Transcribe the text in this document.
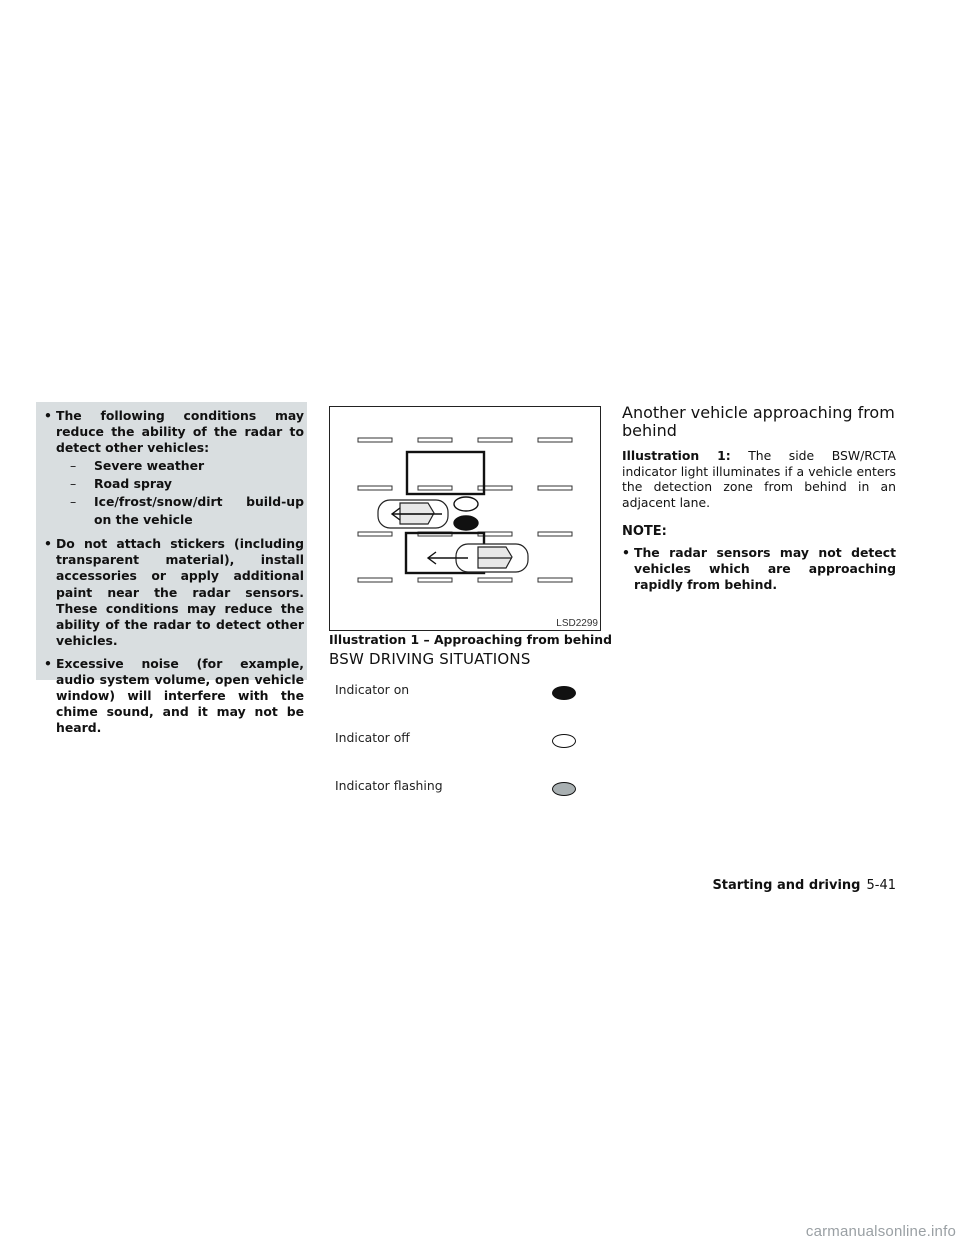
• The following conditions may reduce the ability of the radar to detect other vehicles:
– Severe weather
– Road spray
– Ice/frost/snow/dirt build-up on the vehicle
• Do not attach stickers (including transparent material), install accessories or apply additional paint near the radar sensors. These conditions may reduce the ability of the radar to detect other vehicles.
• Excessive noise (for example, audio system volume, open vehicle window) will interfere with the chime sound, and it may not be heard.
LSD2299
Illustration 1 – Approaching from behind
BSW DRIVING SITUATIONS
Indicator on
Indicator off
Indicator flashing
Another vehicle approaching from behind
Illustration 1: The side BSW/RCTA indicator light illuminates if a vehicle enters the detection zone from behind in an adjacent lane.
NOTE:
• The radar sensors may not detect vehicles which are approaching rapidly from behind.
Starting and driving 5-41
carmanualsonline.info
